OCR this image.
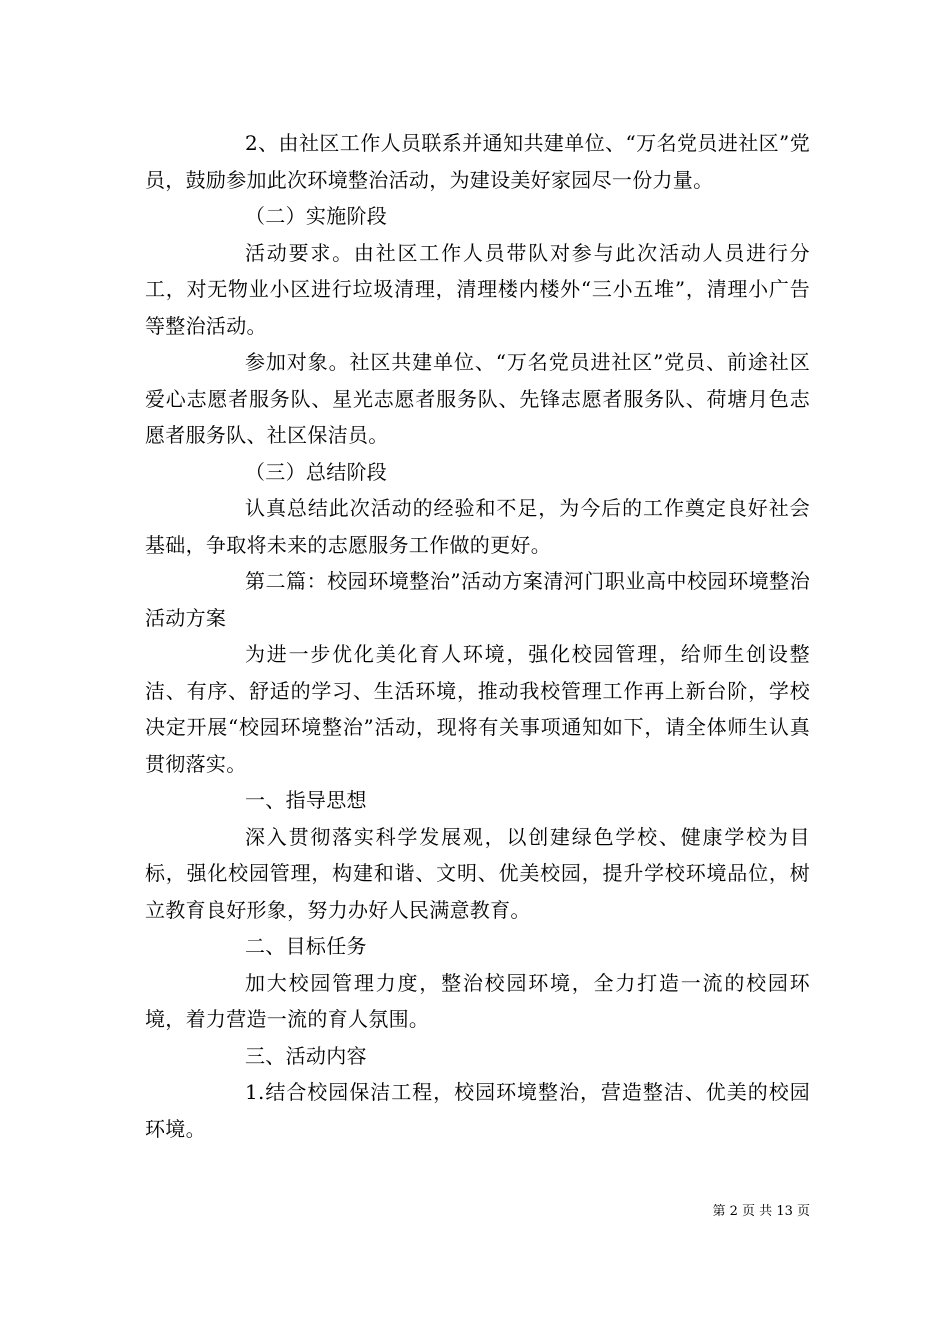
2、由社区工作人员联系并通知共建单位、“万名党员进社区”党员，鼓励参加此次环境整治活动，为建设美好家园尽一份力量。

（二）实施阶段

活动要求。由社区工作人员带队对参与此次活动人员进行分工，对无物业小区进行垃圾清理，清理楼内楼外“三小五堆”，清理小广告等整治活动。

参加对象。社区共建单位、“万名党员进社区”党员、前途社区爱心志愿者服务队、星光志愿者服务队、先锋志愿者服务队、荷塘月色志愿者服务队、社区保洁员。

（三）总结阶段

认真总结此次活动的经验和不足，为今后的工作奠定良好社会基础，争取将未来的志愿服务工作做的更好。

第二篇：校园环境整治”活动方案清河门职业高中校园环境整治活动方案

为进一步优化美化育人环境，强化校园管理，给师生创设整洁、有序、舒适的学习、生活环境，推动我校管理工作再上新台阶，学校决定开展“校园环境整治”活动，现将有关事项通知如下，请全体师生认真贯彻落实。

一、指导思想

深入贯彻落实科学发展观，以创建绿色学校、健康学校为目标，强化校园管理，构建和谐、文明、优美校园，提升学校环境品位，树立教育良好形象，努力办好人民满意教育。

二、目标任务

加大校园管理力度，整治校园环境，全力打造一流的校园环境，着力营造一流的育人氛围。

三、活动内容

1.结合校园保洁工程，校园环境整治，营造整洁、优美的校园环境。

第 2 页 共 13 页
